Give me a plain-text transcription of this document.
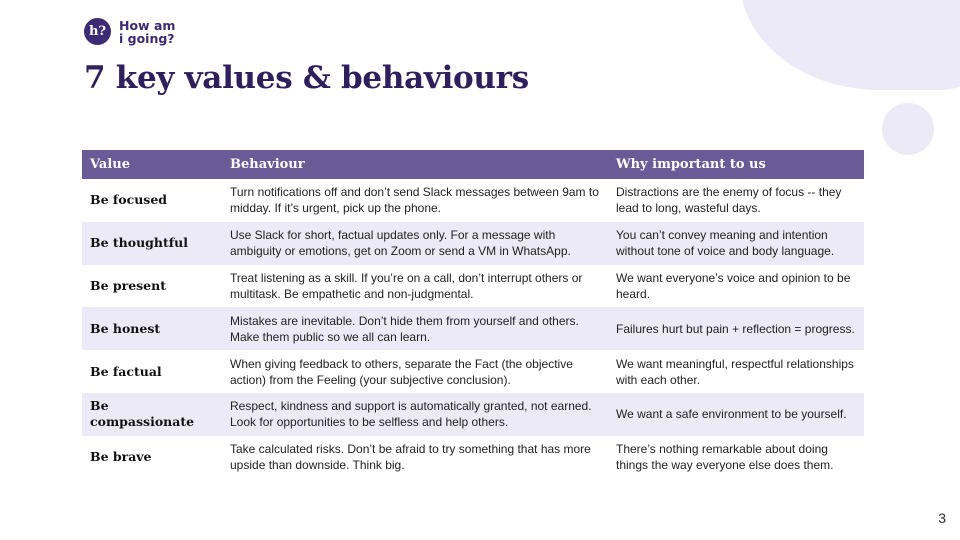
h?	How am
i going?
7 key values & behaviours
Value	Behaviour	Why important to us
Be focused	Turn notifications off and don’t send Slack messages between 9am to midday. If it’s urgent, pick up the phone.	Distractions are the enemy of focus -- they lead to long, wasteful days.
Be thoughtful	Use Slack for short, factual updates only. For a message with ambiguity or emotions, get on Zoom or send a VM in WhatsApp.	You can’t convey meaning and intention without tone of voice and body language.
Be present	Treat listening as a skill. If you’re on a call, don’t interrupt others or multitask. Be empathetic and non-judgmental.	We want everyone’s voice and opinion to be heard.
Be honest	Mistakes are inevitable. Don’t hide them from yourself and others. Make them public so we all can learn.	Failures hurt but pain + reflection = progress.
Be factual	When giving feedback to others, separate the Fact (the objective action) from the Feeling (your subjective conclusion).	We want meaningful, respectful relationships with each other.
Be compassionate	Respect, kindness and support is automatically granted, not earned. Look for opportunities to be selfless and help others.	We want a safe environment to be yourself.
Be brave	Take calculated risks. Don’t be afraid to try something that has more upside than downside. Think big.	There’s nothing remarkable about doing things the way everyone else does them.
3
